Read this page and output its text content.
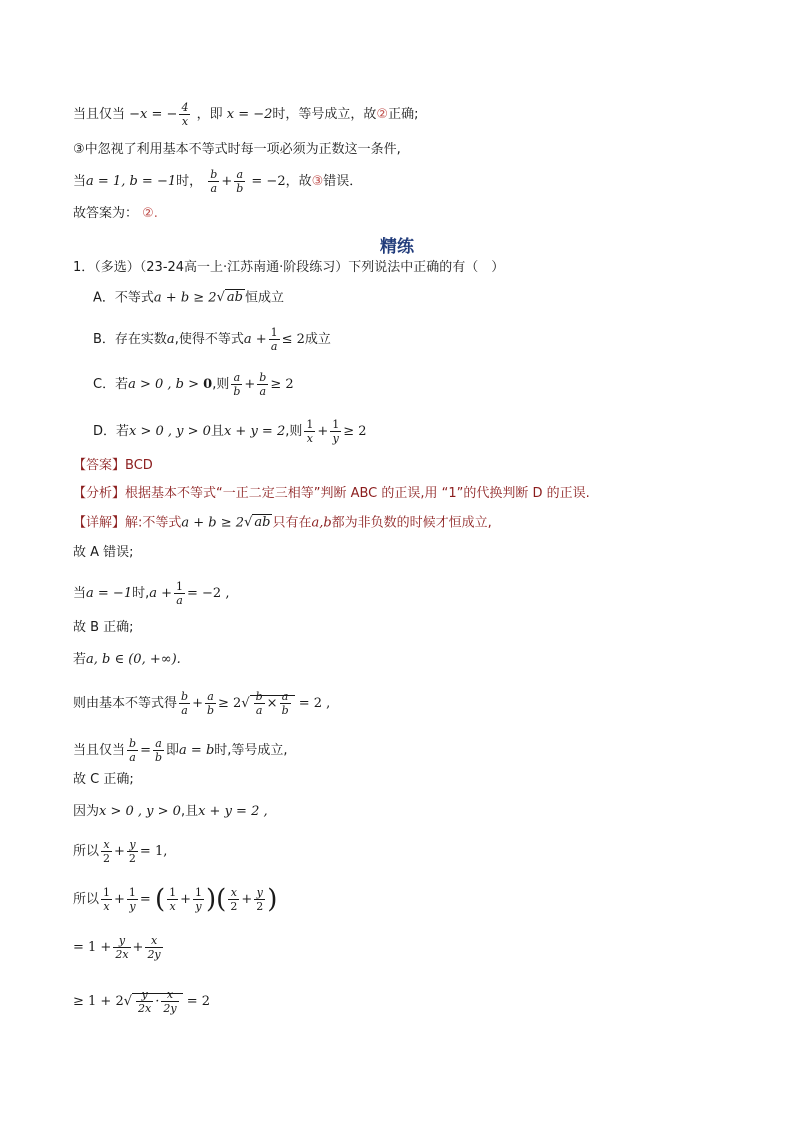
当且仅当 −x = − $\frac{4}{x}$ ，即 x = −2时，等号成立，故②正确;
③中忽视了利用基本不等式时每一项必须为正数这一条件,
当a = 1, b = −1时， $\frac{b}{a} + \frac{a}{b} = -2$，故③错误．
故答案为： ②.
精练
1．（多选）（23-24高一上·江苏南通·阶段练习）下列说法中正确的有（　）
A．不等式a + b ≥ 2√ ab 恒成立
B．存在实数a,使得不等式$a + \frac{1}{a} \le 2$成立
C．若a > 0 , b > 0,则 $\frac{a}{b} + \frac{b}{a} \ge 2$
D．若x > 0 , y > 0且x + y = 2,则 $\frac{1}{x} + \frac{1}{y} \ge 2$
【答案】BCD
【分析】根据基本不等式“一正二定三相等”判断 ABC 的正误,用 “1”的代换判断 D 的正误.
【详解】解:不等式a + b ≥ 2√ ab 只有在a,b都为非负数的时候才恒成立,
故 A 错误;
当a = −1时$,a + \frac{1}{a} = -2$ ,
故 B 正确;
若a, b ∈ (0, +∞).
则由基本不等式得 $\frac{b}{a} + \frac{a}{b} \ge 2√ \frac{b}{a} \times \frac{a}{b} = 2$ ,
当且仅当 $\frac{b}{a} = \frac{a}{b}$ 即a = b时,等号成立,
故 C 正确;
因为x > 0 , y > 0,且x + y = 2 ,
所以 $\frac{x}{2} + \frac{y}{2} = 1$,
所以 $\frac{1}{x} + \frac{1}{y}$ = ( $\frac{1}{x} + \frac{1}{y}$ )( $\frac{x}{2} + \frac{y}{2}$ )
= $1 + \frac{y}{2x} + \frac{x}{2y}$
≥ $1 + 2√ \frac{y}{2x} \cdot \frac{x}{2y} = 2$
